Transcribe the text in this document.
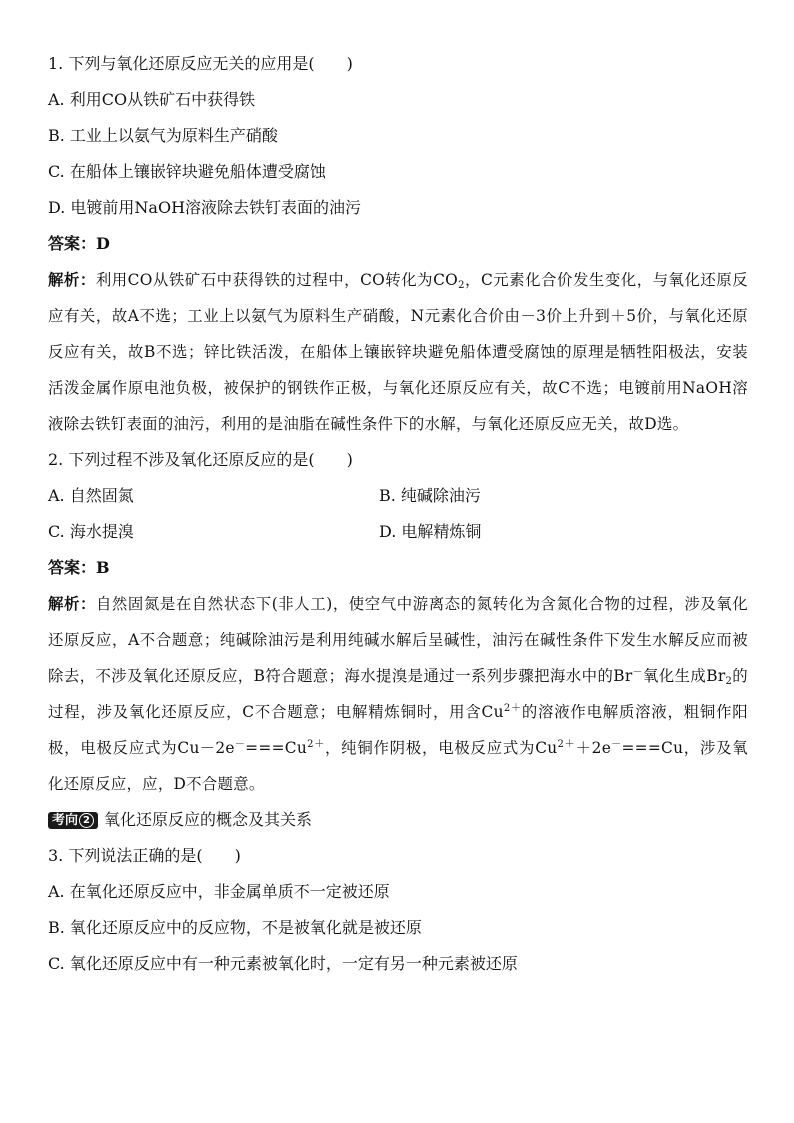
1. 下列与氧化还原反应无关的应用是(　　)
A. 利用CO从铁矿石中获得铁
B. 工业上以氨气为原料生产硝酸
C. 在船体上镶嵌锌块避免船体遭受腐蚀
D. 电镀前用NaOH溶液除去铁钉表面的油污
答案：D
解析：利用CO从铁矿石中获得铁的过程中，CO转化为$CO_2$，C元素化合价发生变化，与氧化还原反应有关，故A不选；工业上以氨气为原料生产硝酸，N元素化合价由－3价上升到＋5价，与氧化还原反应有关，故B不选；锌比铁活泼，在船体上镶嵌锌块避免船体遭受腐蚀的原理是牺牲阳极法，安装活泼金属作原电池负极，被保护的钢铁作正极，与氧化还原反应有关，故C不选；电镀前用NaOH溶液除去铁钉表面的油污，利用的是油脂在碱性条件下的水解，与氧化还原反应无关，故D选。
2. 下列过程不涉及氧化还原反应的是(　　)
A. 自然固氮	B. 纯碱除油污
C. 海水提溴	D. 电解精炼铜
答案：B
解析：自然固氮是在自然状态下(非人工)，使空气中游离态的氮转化为含氮化合物的过程，涉及氧化还原反应，A不合题意；纯碱除油污是利用纯碱水解后呈碱性，油污在碱性条件下发生水解反应而被除去，不涉及氧化还原反应，B符合题意；海水提溴是通过一系列步骤把海水中的Br－氧化生成$Br_2$的过程，涉及氧化还原反应，C不合题意；电解精炼铜时，用含$Cu^{2+}$的溶液作电解质溶液，粗铜作阳极，电极反应式为$Cu-2e^-===Cu^{2+}$，纯铜作阴极，电极反应式为$Cu^{2+}+2e^-===Cu$，涉及氧化还原反应，应，D不合题意。
考向 2 氧化还原反应的概念及其关系
3. 下列说法正确的是(　　)
A. 在氧化还原反应中，非金属单质不一定被还原
B. 氧化还原反应中的反应物，不是被氧化就是被还原
C. 氧化还原反应中有一种元素被氧化时，一定有另一种元素被还原
